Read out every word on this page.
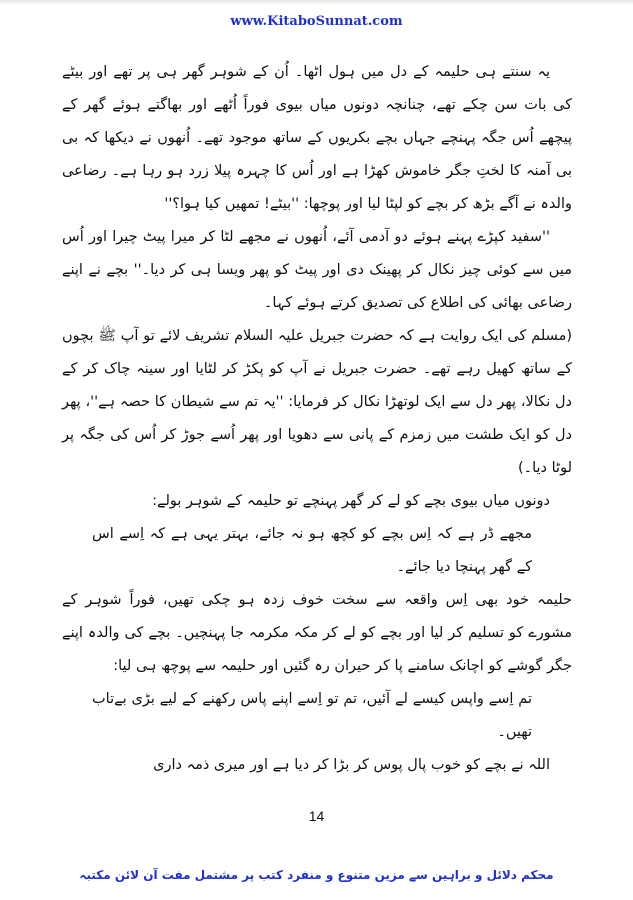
www.KitaboSunnat.com

یہ سنتے ہی حلیمہ کے دل میں ہول اٹھا۔ اُن کے شوہر گھر ہی پر تھے اور بیٹے کی بات سن چکے تھے، چنانچہ دونوں میاں بیوی فوراً اُٹھے اور بھاگتے ہوئے گھر کے پیچھے اُس جگہ پہنچے جہاں بچے بکریوں کے ساتھ موجود تھے۔ اُنھوں نے دیکھا کہ بی بی آمنہ کا لختِ جگر خاموش کھڑا ہے اور اُس کا چہرہ پیلا زرد ہو رہا ہے۔ رضاعی والدہ نے آگے بڑھ کر بچے کو لپٹا لیا اور پوچھا: ''بیٹے! تمھیں کیا ہوا؟''

''سفید کپڑے پہنے ہوئے دو آدمی آئے، اُنھوں نے مجھے لٹا کر میرا پیٹ چیرا اور اُس میں سے کوئی چیز نکال کر پھینک دی اور پیٹ کو پھر ویسا ہی کر دیا۔'' بچے نے اپنے رضاعی بھائی کی اطلاع کی تصدیق کرتے ہوئے کہا۔

(مسلم کی ایک روایت ہے کہ حضرت جبریل علیہ السلام تشریف لائے تو آپ ﷺ بچوں کے ساتھ کھیل رہے تھے۔ حضرت جبریل نے آپ کو پکڑ کر لٹایا اور سینہ چاک کر کے دل نکالا، پھر دل سے ایک لوتھڑا نکال کر فرمایا: ''یہ تم سے شیطان کا حصہ ہے''، پھر دل کو ایک طشت میں زمزم کے پانی سے دھویا اور پھر اُسے جوڑ کر اُس کی جگہ پر لوٹا دیا۔)

دونوں میاں بیوی بچے کو لے کر گھر پہنچے تو حلیمہ کے شوہر بولے:

مجھے ڈر ہے کہ اِس بچے کو کچھ ہو نہ جائے، بہتر یہی ہے کہ اِسے اس کے گھر پہنچا دیا جائے۔

حلیمہ خود بھی اِس واقعہ سے سخت خوف زدہ ہو چکی تھیں، فوراً شوہر کے مشورے کو تسلیم کر لیا اور بچے کو لے کر مکہ مکرمہ جا پہنچیں۔ بچے کی والدہ اپنے جگر گوشے کو اچانک سامنے پا کر حیران رہ گئیں اور حلیمہ سے پوچھ ہی لیا:

تم اِسے واپس کیسے لے آئیں، تم تو اِسے اپنے پاس رکھنے کے لیے بڑی بےتاب تھیں۔

اللہ نے بچے کو خوب پال پوس کر بڑا کر دیا ہے اور میری ذمہ داری

14
محکم دلائل و براہین سے مزین متنوع و منفرد کتب پر مشتمل مفت آن لائن مکتبہ
